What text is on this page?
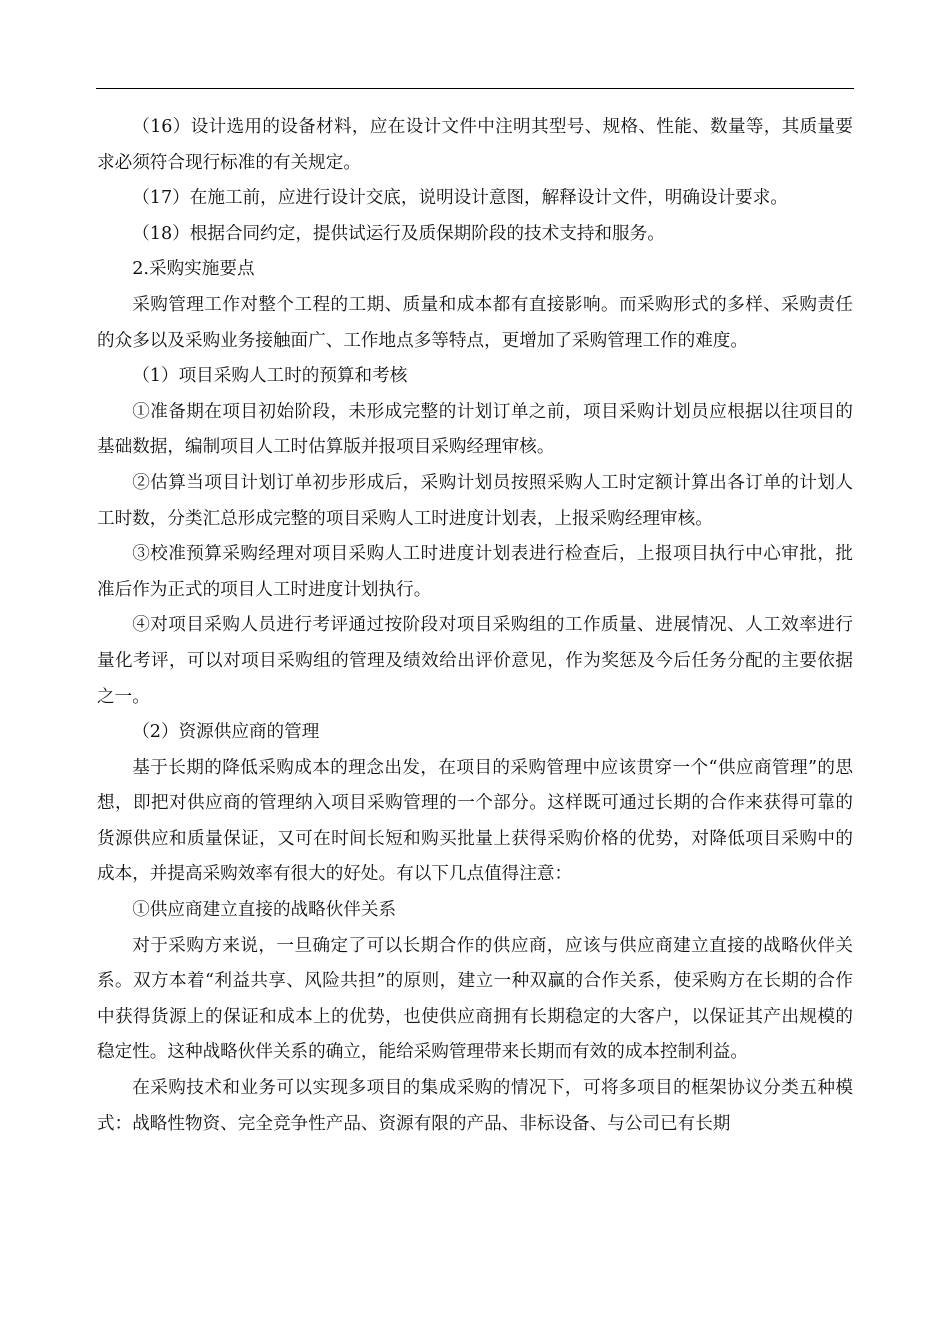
（16）设计选用的设备材料，应在设计文件中注明其型号、规格、性能、数量等，其质量要求必须符合现行标准的有关规定。

（17）在施工前，应进行设计交底，说明设计意图，解释设计文件，明确设计要求。

（18）根据合同约定，提供试运行及质保期阶段的技术支持和服务。

2.采购实施要点

采购管理工作对整个工程的工期、质量和成本都有直接影响。而采购形式的多样、采购责任的众多以及采购业务接触面广、工作地点多等特点，更增加了采购管理工作的难度。

（1）项目采购人工时的预算和考核

①准备期在项目初始阶段，未形成完整的计划订单之前，项目采购计划员应根据以往项目的基础数据，编制项目人工时估算版并报项目采购经理审核。

②估算当项目计划订单初步形成后，采购计划员按照采购人工时定额计算出各订单的计划人工时数，分类汇总形成完整的项目采购人工时进度计划表，上报采购经理审核。

③校准预算采购经理对项目采购人工时进度计划表进行检查后，上报项目执行中心审批，批准后作为正式的项目人工时进度计划执行。

④对项目采购人员进行考评通过按阶段对项目采购组的工作质量、进展情况、人工效率进行量化考评，可以对项目采购组的管理及绩效给出评价意见，作为奖惩及今后任务分配的主要依据之一。

（2）资源供应商的管理

基于长期的降低采购成本的理念出发，在项目的采购管理中应该贯穿一个“供应商管理”的思想，即把对供应商的管理纳入项目采购管理的一个部分。这样既可通过长期的合作来获得可靠的货源供应和质量保证，又可在时间长短和购买批量上获得采购价格的优势，对降低项目采购中的成本，并提高采购效率有很大的好处。有以下几点值得注意：

①供应商建立直接的战略伙伴关系

对于采购方来说，一旦确定了可以长期合作的供应商，应该与供应商建立直接的战略伙伴关系。双方本着“利益共享、风险共担”的原则，建立一种双赢的合作关系，使采购方在长期的合作中获得货源上的保证和成本上的优势，也使供应商拥有长期稳定的大客户，以保证其产出规模的稳定性。这种战略伙伴关系的确立，能给采购管理带来长期而有效的成本控制利益。

在采购技术和业务可以实现多项目的集成采购的情况下，可将多项目的框架协议分类五种模式：战略性物资、完全竞争性产品、资源有限的产品、非标设备、与公司已有长期
